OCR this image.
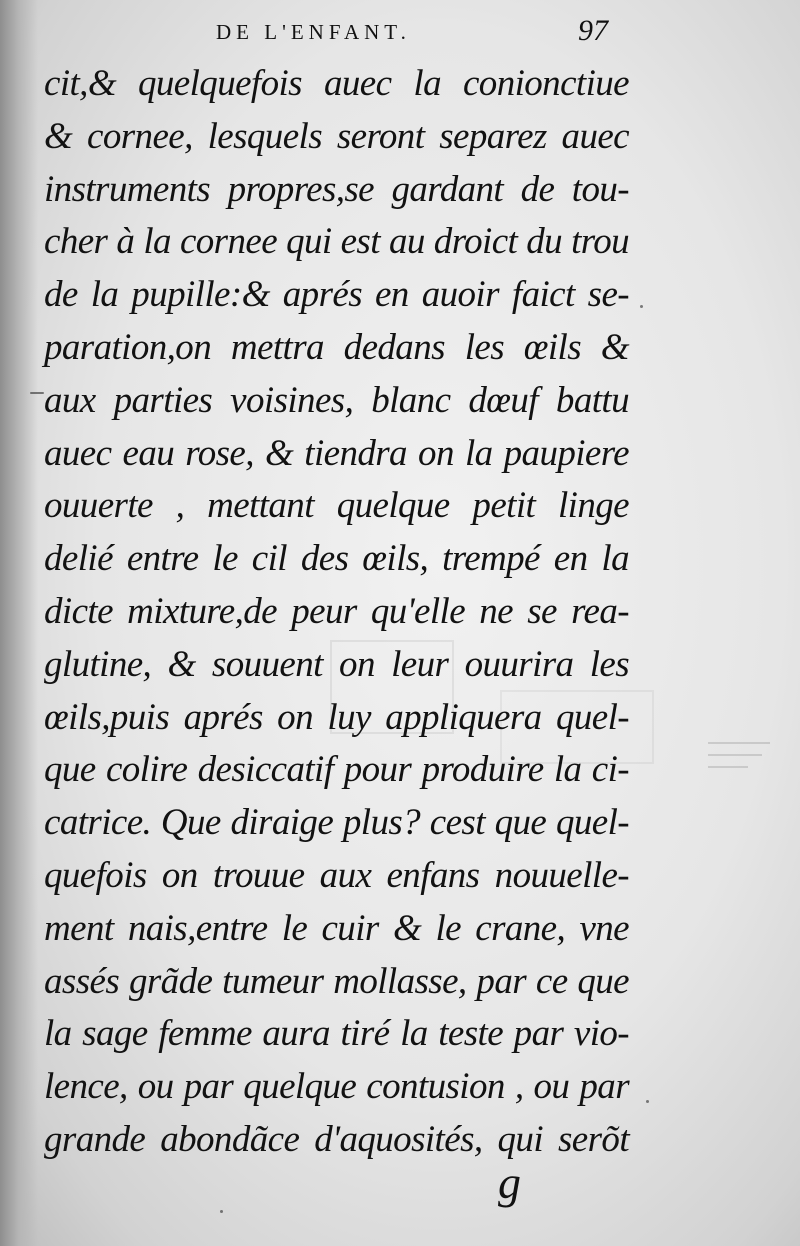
DE L'ENFANT.	97
cit,& quelquefois auec la conionctiue
& cornee, lesquels seront separez auec
instruments propres,se gardant de tou-
cher à la cornee qui est au droict du trou
de la pupille:& aprés en auoir faict se-
paration,on mettra dedans les œils &
aux parties voisines, blanc dœuf battu
auec eau rose, & tiendra on la paupiere
ouuerte , mettant quelque petit linge
delié entre le cil des œils, trempé en la
dicte mixture,de peur qu'elle ne se rea-
glutine, & souuent on leur ouurira les
œils,puis aprés on luy appliquera quel-
que colire desiccatif pour produire la ci-
catrice. Que diraige plus? cest que quel-
quefois on trouue aux enfans nouuelle-
ment nais,entre le cuir & le crane, vne
assés grãde tumeur mollasse, par ce que
la sage femme aura tiré la teste par vio-
lence, ou par quelque contusion , ou par
grande abondãce d'aquosités, qui serõt
g
